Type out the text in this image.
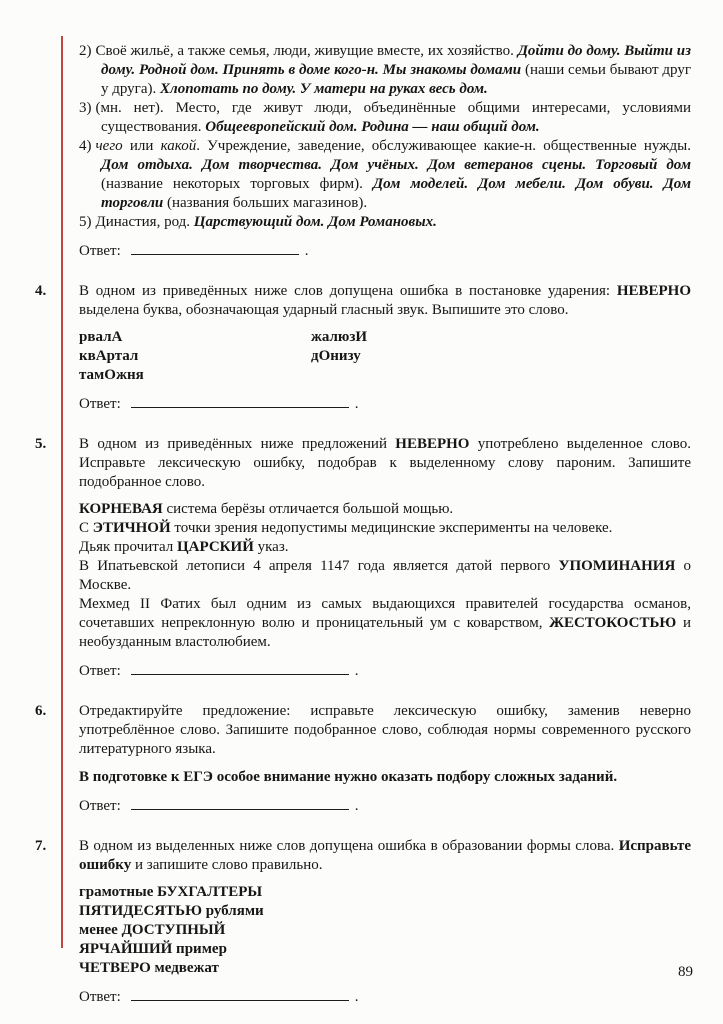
2) Своё жильё, а также семья, люди, живущие вместе, их хозяйство. Дойти до дому. Выйти из дому. Родной дом. Принять в доме кого-н. Мы знакомы домами (наши семьи бывают друг у друга). Хлопотать по дому. У матери на руках весь дом.
3) (мн. нет). Место, где живут люди, объединённые общими интересами, условиями существования. Общеевропейский дом. Родина — наш общий дом.
4) чего или какой. Учреждение, заведение, обслуживающее какие-н. общественные нужды. Дом отдыха. Дом творчества. Дом учёных. Дом ветеранов сцены. Торговый дом (название некоторых торговых фирм). Дом моделей. Дом мебели. Дом обуви. Дом торговли (названия больших магазинов).
5) Династия, род. Царствующий дом. Дом Романовых.
Ответ:	.
4. В одном из приведённых ниже слов допущена ошибка в постановке ударения: НЕВЕРНО выделена буква, обозначающая ударный гласный звук. Выпишите это слово.

рвалА
квАртал
тамОжня
жалюзИ
дОнизу
Ответ:	.
5. В одном из приведённых ниже предложений НЕВЕРНО употреблено выделенное слово. Исправьте лексическую ошибку, подобрав к выделенному слову пароним. Запишите подобранное слово.

КОРНЕВАЯ система берёзы отличается большой мощью.

С ЭТИЧНОЙ точки зрения недопустимы медицинские эксперименты на человеке.

Дьяк прочитал ЦАРСКИЙ указ.

В Ипатьевской летописи 4 апреля 1147 года является датой первого УПОМИНАНИЯ о Москве.

Мехмед II Фатих был одним из самых выдающихся правителей государства османов, сочетавших непреклонную волю и проницательный ум с коварством, ЖЕСТОКОСТЬЮ и необузданным властолюбием.

Ответ:	.
6. Отредактируйте предложение: исправьте лексическую ошибку, заменив неверно употреблённое слово. Запишите подобранное слово, соблюдая нормы современного русского литературного языка.

В подготовке к ЕГЭ особое внимание нужно оказать подбору сложных заданий.

Ответ:	.
7. В одном из выделенных ниже слов допущена ошибка в образовании формы слова. Исправьте ошибку и запишите слово правильно.

грамотные БУХГАЛТЕРЫ
ПЯТИДЕСЯТЬЮ рублями
менее ДОСТУПНЫЙ
ЯРЧАЙШИЙ пример
ЧЕТВЕРО медвежат
Ответ:	.
89
